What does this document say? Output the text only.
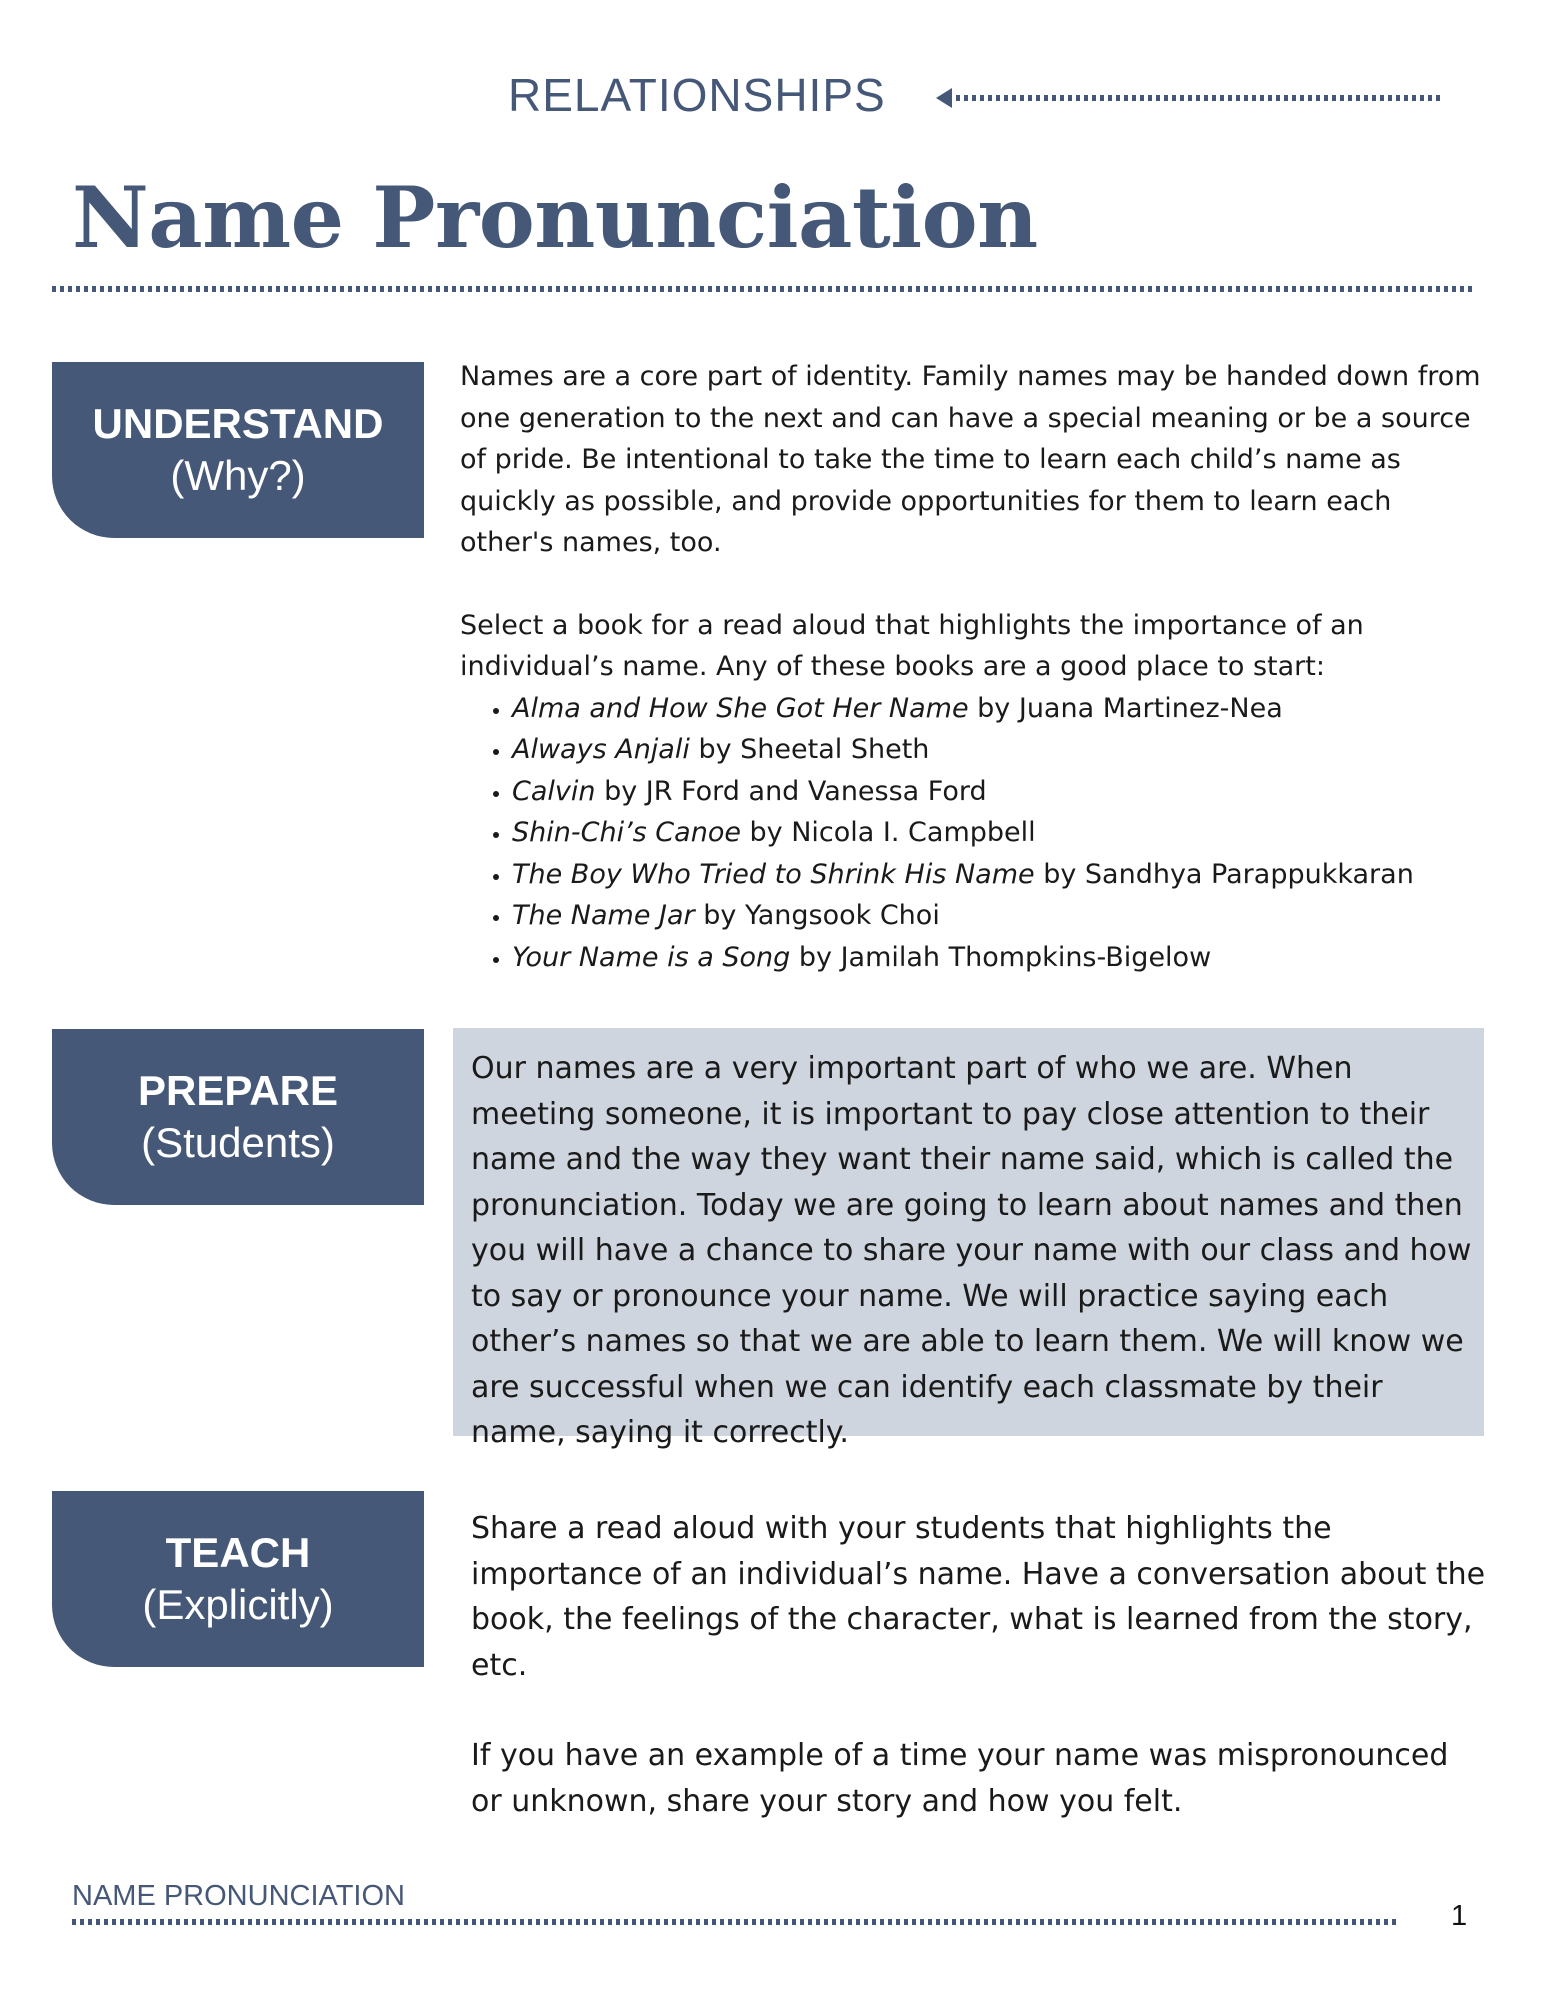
RELATIONSHIPS
Name Pronunciation
UNDERSTAND
(Why?)

Names are a core part of identity. Family names may be handed down from one generation to the next and can have a special meaning or be a source of pride. Be intentional to take the time to learn each child’s name as quickly as possible, and provide opportunities for them to learn each other's names, too.

Select a book for a read aloud that highlights the importance of an individual’s name. Any of these books are a good place to start:

• Alma and How She Got Her Name by Juana Martinez-Nea
• Always Anjali by Sheetal Sheth
• Calvin by JR Ford and Vanessa Ford
• Shin-Chi’s Canoe by Nicola I. Campbell
• The Boy Who Tried to Shrink His Name by Sandhya Parappukkaran
• The Name Jar by Yangsook Choi
• Your Name is a Song by Jamilah Thompkins-Bigelow
PREPARE
(Students)

Our names are a very important part of who we are. When meeting someone, it is important to pay close attention to their name and the way they want their name said, which is called the pronunciation. Today we are going to learn about names and then you will have a chance to share your name with our class and how to say or pronounce your name. We will practice saying each other’s names so that we are able to learn them. We will know we are successful when we can identify each classmate by their name, saying it correctly.

TEACH
(Explicitly)

Share a read aloud with your students that highlights the importance of an individual’s name. Have a conversation about the book, the feelings of the character, what is learned from the story, etc.

If you have an example of a time your name was mispronounced or unknown, share your story and how you felt.

NAME PRONUNCIATION
1
